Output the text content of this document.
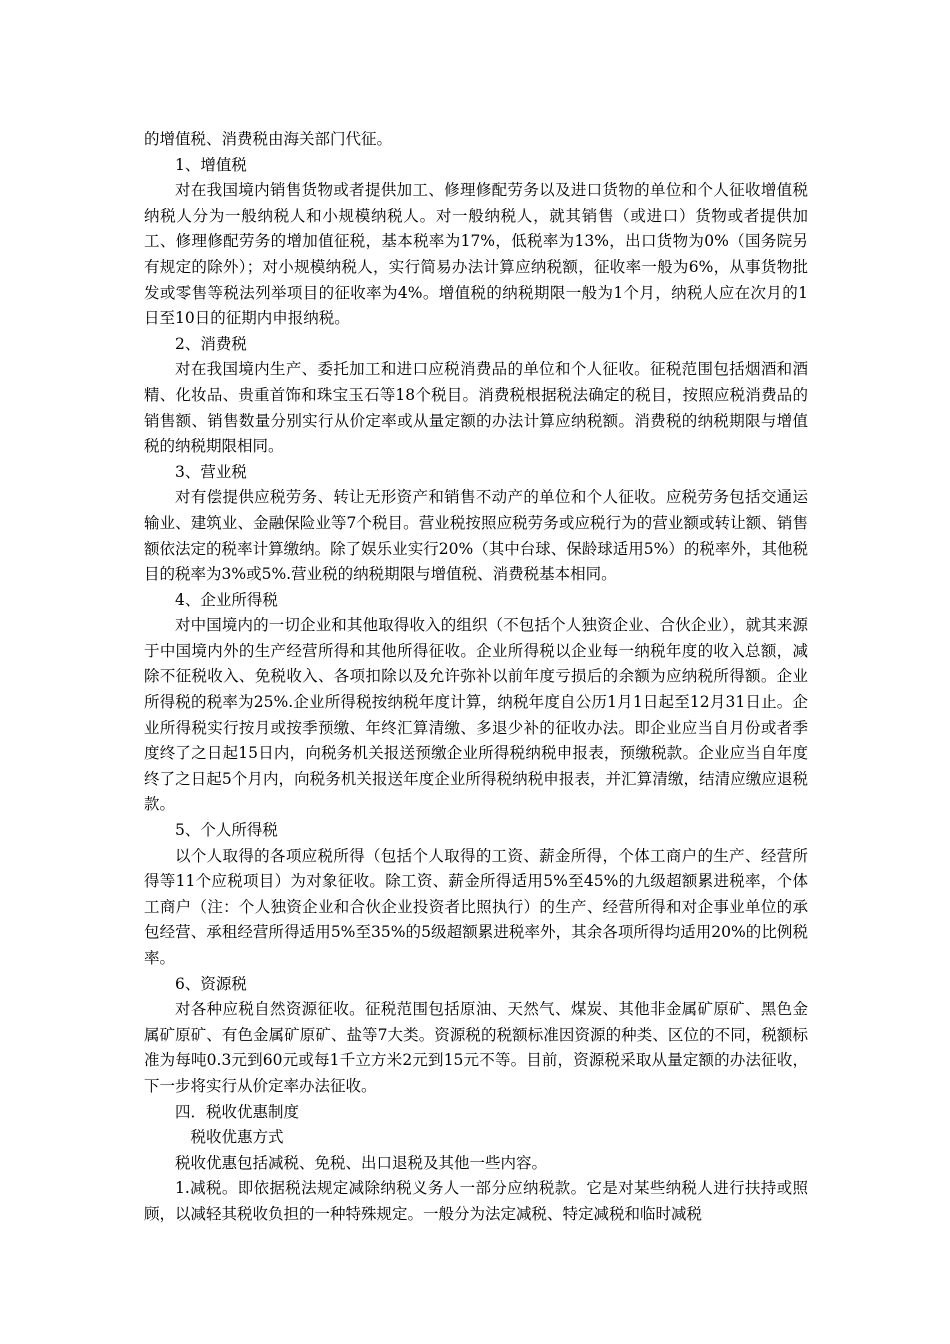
的增值税、消费税由海关部门代征。

1、增值税

对在我国境内销售货物或者提供加工、修理修配劳务以及进口货物的单位和个人征收增值税纳税人分为一般纳税人和小规模纳税人。对一般纳税人，就其销售（或进口）货物或者提供加工、修理修配劳务的增加值征税，基本税率为17%，低税率为13%，出口货物为0%（国务院另有规定的除外）；对小规模纳税人，实行简易办法计算应纳税额，征收率一般为6%，从事货物批发或零售等税法列举项目的征收率为4%。增值税的纳税期限一般为1个月，纳税人应在次月的1日至10日的征期内申报纳税。

2、消费税

对在我国境内生产、委托加工和进口应税消费品的单位和个人征收。征税范围包括烟酒和酒精、化妆品、贵重首饰和珠宝玉石等18个税目。消费税根据税法确定的税目，按照应税消费品的销售额、销售数量分别实行从价定率或从量定额的办法计算应纳税额。消费税的纳税期限与增值税的纳税期限相同。

3、营业税

对有偿提供应税劳务、转让无形资产和销售不动产的单位和个人征收。应税劳务包括交通运输业、建筑业、金融保险业等7个税目。营业税按照应税劳务或应税行为的营业额或转让额、销售额依法定的税率计算缴纳。除了娱乐业实行20%（其中台球、保龄球适用5%）的税率外，其他税目的税率为3%或5%.营业税的纳税期限与增值税、消费税基本相同。

4、企业所得税

对中国境内的一切企业和其他取得收入的组织（不包括个人独资企业、合伙企业），就其来源于中国境内外的生产经营所得和其他所得征收。企业所得税以企业每一纳税年度的收入总额，减除不征税收入、免税收入、各项扣除以及允许弥补以前年度亏损后的余额为应纳税所得额。企业所得税的税率为25%.企业所得税按纳税年度计算，纳税年度自公历1月1日起至12月31日止。企业所得税实行按月或按季预缴、年终汇算清缴、多退少补的征收办法。即企业应当自月份或者季度终了之日起15日内，向税务机关报送预缴企业所得税纳税申报表，预缴税款。企业应当自年度终了之日起5个月内，向税务机关报送年度企业所得税纳税申报表，并汇算清缴，结清应缴应退税款。

5、个人所得税

以个人取得的各项应税所得（包括个人取得的工资、薪金所得，个体工商户的生产、经营所得等11个应税项目）为对象征收。除工资、薪金所得适用5%至45%的九级超额累进税率，个体工商户（注：个人独资企业和合伙企业投资者比照执行）的生产、经营所得和对企事业单位的承包经营、承租经营所得适用5%至35%的5级超额累进税率外，其余各项所得均适用20%的比例税率。

6、资源税

对各种应税自然资源征收。征税范围包括原油、天然气、煤炭、其他非金属矿原矿、黑色金属矿原矿、有色金属矿原矿、盐等7大类。资源税的税额标准因资源的种类、区位的不同，税额标准为每吨0.3元到60元或每1千立方米2元到15元不等。目前，资源税采取从量定额的办法征收，下一步将实行从价定率办法征收。

四．税收优惠制度

税收优惠方式

税收优惠包括减税、免税、出口退税及其他一些内容。

1.减税。即依据税法规定减除纳税义务人一部分应纳税款。它是对某些纳税人进行扶持或照顾，以减轻其税收负担的一种特殊规定。一般分为法定减税、特定减税和临时减税
